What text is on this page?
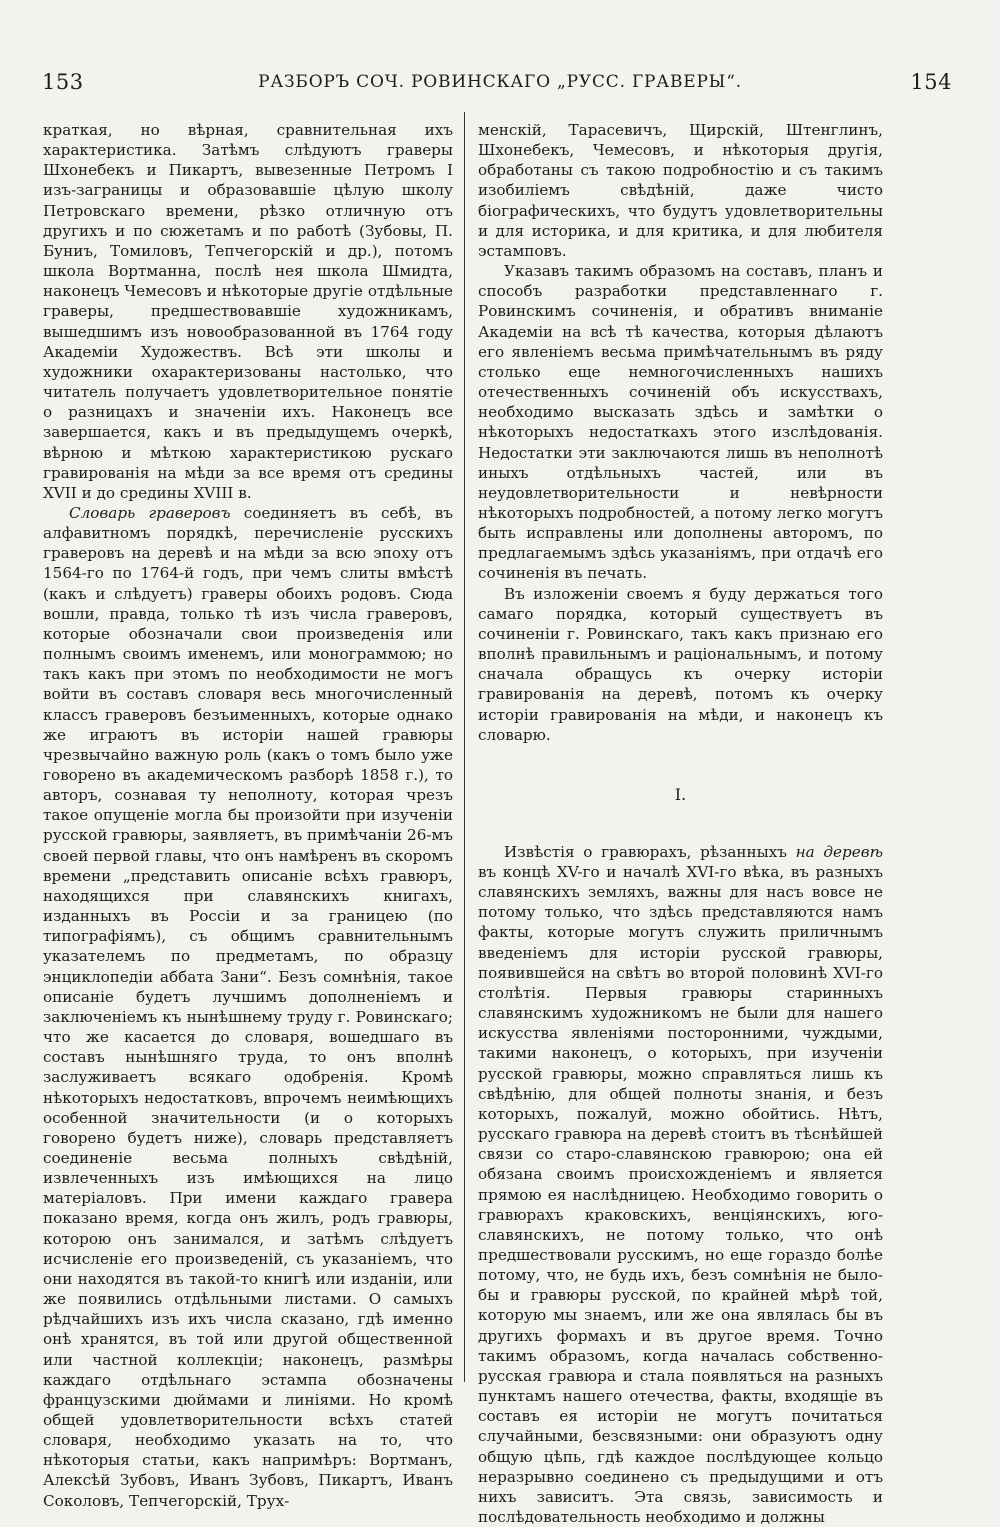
153	РАЗБОРЪ СОЧ. РОВИНСКАГО „РУСС. ГРАВЕРЫ“.	154

краткая, но вѣрная, сравнительная ихъ характеристика. Затѣмъ слѣдуютъ граверы Шхонебекъ и Пикартъ, вывезенные Петромъ I изъ-заграницы и образовавшіе цѣлую школу Петровскаго времени, рѣзко отличную отъ другихъ и по сюжетамъ и по работѣ (Зубовы, П. Буниъ, Томиловъ, Тепчегорскій и др.), потомъ школа Вортманна, послѣ нея школа Шмидта, наконецъ Чемесовъ и нѣкоторые другіе отдѣльные граверы, предшествовавшіе художникамъ, вышедшимъ изъ новообразованной въ 1764 году Академіи Художествъ. Всѣ эти школы и художники охарактеризованы настолько, что читатель получаетъ удовлетворительное понятіе о разницахъ и значеніи ихъ. Наконецъ все завершается, какъ и въ предыдущемъ очеркѣ, вѣрною и мѣткою характеристикою рускаго гравированія на мѣди за все время отъ средины XVII и до средины XVIII в.

Словарь граверовъ соединяетъ въ себѣ, въ алфавитномъ порядкѣ, перечисленіе русскихъ граверовъ на деревѣ и на мѣди за всю эпоху отъ 1564-го по 1764-й годъ, при чемъ слиты вмѣстѣ (какъ и слѣдуетъ) граверы обоихъ родовъ. Сюда вошли, правда, только тѣ изъ числа граверовъ, которые обозначали свои произведенія или полнымъ своимъ именемъ, или монограммою; но такъ какъ при этомъ по необходимости не могъ войти въ составъ словаря весь многочисленный классъ граверовъ безъименныхъ, которые однако же играютъ въ исторіи нашей гравюры чрезвычайно важную роль (какъ о томъ было уже говорено въ академическомъ разборѣ 1858 г.), то авторъ, сознавая ту неполноту, которая чрезъ такое опущеніе могла бы произойти при изученіи русской гравюры, заявляетъ, въ примѣчаніи 26-мъ своей первой главы, что онъ намѣренъ въ скоромъ времени „представить описаніе всѣхъ гравюръ, находящихся при славянскихъ книгахъ, изданныхъ въ Россіи и за границею (по типографіямъ), съ общимъ сравнительнымъ указателемъ по предметамъ, по образцу энциклопедіи аббата Зани“. Безъ сомнѣнія, такое описаніе будетъ лучшимъ дополненіемъ и заключеніемъ къ нынѣшнему труду г. Ровинскаго; что же касается до словаря, вошедшаго въ составъ нынѣшняго труда, то онъ вполнѣ заслуживаетъ всякаго одобренія. Кромѣ нѣкоторыхъ недостатковъ, впрочемъ неимѣющихъ особенной значительности (и о которыхъ говорено будетъ ниже), словарь представляетъ соединеніе весьма полныхъ свѣдѣній, извлеченныхъ изъ имѣющихся на лицо матеріаловъ. При имени каждаго гравера показано время, когда онъ жилъ, родъ гравюры, которою онъ занимался, и затѣмъ слѣдуетъ исчисленіе его произведеній, съ указаніемъ, что они находятся въ такой-то книгѣ или изданіи, или же появились отдѣльными листами. О самыхъ рѣдчайшихъ изъ ихъ числа сказано, гдѣ именно онѣ хранятся, въ той или другой общественной или частной коллекціи; наконецъ, размѣры каждаго отдѣльнаго эстампа обозначены французскими дюймами и линіями. Но кромѣ общей удовлетворительности всѣхъ статей словаря, необходимо указать на то, что нѣкоторыя статьи, какъ напримѣръ: Вортманъ, Алексѣй Зубовъ, Иванъ Зубовъ, Пикартъ, Иванъ Соколовъ, Тепчегорскій, Трух-

менскій, Тарасевичъ, Щирскій, Штенглинъ, Шхонебекъ, Чемесовъ, и нѣкоторыя другія, обработаны съ такою подробностію и съ такимъ изобиліемъ свѣдѣній, даже чисто біографическихъ, что будутъ удовлетворительны и для историка, и для критика, и для любителя эстамповъ.

Указавъ такимъ образомъ на составъ, планъ и способъ разработки представленнаго г. Ровинскимъ сочиненія, и обративъ вниманіе Академіи на всѣ тѣ качества, которыя дѣлаютъ его явленіемъ весьма примѣчательнымъ въ ряду столько еще немногочисленныхъ нашихъ отечественныхъ сочиненій объ искусствахъ, необходимо высказать здѣсь и замѣтки о нѣкоторыхъ недостаткахъ этого изслѣдованія. Недостатки эти заключаются лишь въ неполнотѣ иныхъ отдѣльныхъ частей, или въ неудовлетворительности и невѣрности нѣкоторыхъ подробностей, а потому легко могутъ быть исправлены или дополнены авторомъ, по предлагаемымъ здѣсь указаніямъ, при отдачѣ его сочиненія въ печать.

Въ изложеніи своемъ я буду держаться того самаго порядка, который существуетъ въ сочиненіи г. Ровинскаго, такъ какъ признаю его вполнѣ правильнымъ и раціональнымъ, и потому сначала обращусь къ очерку исторіи гравированія на деревѣ, потомъ къ очерку исторіи гравированія на мѣди, и наконецъ къ словарю.

I.

Извѣстія о гравюрахъ, рѣзанныхъ на деревѣ въ концѣ XV-го и началѣ XVI-го вѣка, въ разныхъ славянскихъ земляхъ, важны для насъ вовсе не потому только, что здѣсь представляются намъ факты, которые могутъ служить приличнымъ введеніемъ для исторіи русской гравюры, появившейся на свѣтъ во второй половинѣ XVI-го столѣтія. Первыя гравюры старинныхъ славянскимъ художникомъ не были для нашего искусства явленіями посторонними, чуждыми, такими наконецъ, о которыхъ, при изученіи русской гравюры, можно справляться лишь къ свѣдѣнію, для общей полноты знанія, и безъ которыхъ, пожалуй, можно обойтись. Нѣтъ, русскаго гравюра на деревѣ стоитъ въ тѣснѣйшей связи со старо-славянскою гравюрою; она ей обязана своимъ происхожденіемъ и является прямою ея наслѣдницею. Необходимо говорить о гравюрахъ краковскихъ, венціянскихъ, юго-славянскихъ, не потому только, что онѣ предшествовали русскимъ, но еще гораздо болѣе потому, что, не будь ихъ, безъ сомнѣнія не было-бы и гравюры русской, по крайней мѣрѣ той, которую мы знаемъ, или же она являлась бы въ другихъ формахъ и въ другое время. Точно такимъ образомъ, когда началась собственно-русская гравюра и стала появляться на разныхъ пунктамъ нашего отечества, факты, входящіе въ составъ ея исторіи не могутъ почитаться случайными, безсвязными: они образуютъ одну общую цѣпь, гдѣ каждое послѣдующее кольцо неразрывно соединено съ предыдущими и отъ нихъ зависитъ. Эта связь, зависимость и послѣдовательность необходимо и должны
